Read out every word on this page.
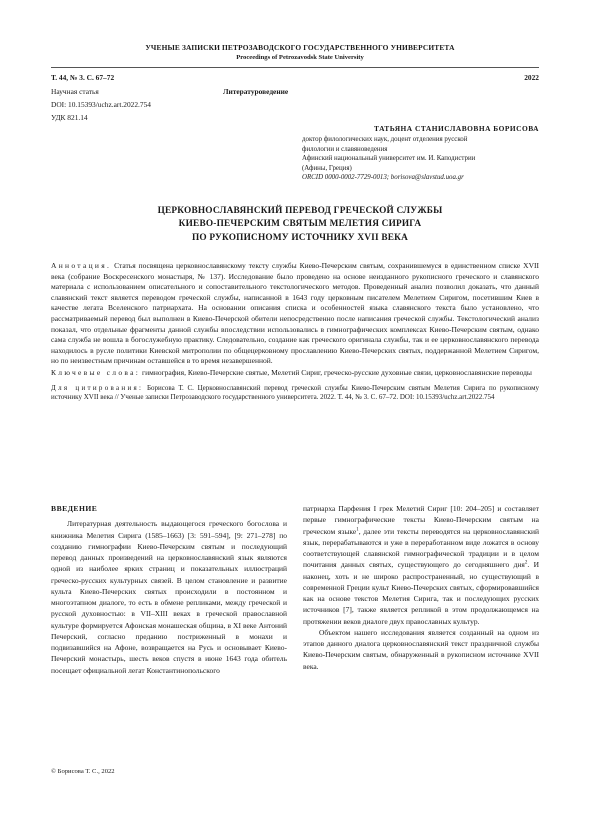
УЧЕНЫЕ ЗАПИСКИ ПЕТРОЗАВОДСКОГО ГОСУДАРСТВЕННОГО УНИВЕРСИТЕТА
Proceedings of Petrozavodsk State University
Т. 44, № 3. С. 67–72	2022
Научная статья	Литературоведение
DOI: 10.15393/uchz.art.2022.754
УДК 821.14
ТАТЬЯНА СТАНИСЛАВОВНА БОРИСОВА
доктор филологических наук, доцент отделения русской
филологии и славяноведения
Афинский национальный университет им. И. Каподистрии
(Афины, Греция)
ORCID 0000-0002-7729-0013; borisova@slavstud.uoa.gr
ЦЕРКОВНОСЛАВЯНСКИЙ ПЕРЕВОД ГРЕЧЕСКОЙ СЛУЖБЫ
КИЕВО-ПЕЧЕРСКИМ СВЯТЫМ МЕЛЕТИЯ СИРИГА
ПО РУКОПИСНОМУ ИСТОЧНИКУ XVII ВЕКА
Аннотация. Статья посвящена церковнославянскому тексту службы Киево-Печерским святым, сохранившемуся в единственном списке XVII века (собрание Воскресенского монастыря, № 137). Исследование было проведено на основе неизданного рукописного греческого и славянского материала с использованием описательного и сопоставительного текстологического методов. Проведенный анализ позволил доказать, что данный славянский текст является переводом греческой службы, написанной в 1643 году церковным писателем Мелетием Сиригом, посетившим Киев в качестве легата Вселенского патриархата. На основании описания списка и особенностей языка славянского текста было установлено, что рассматриваемый перевод был выполнен в Киево-Печерской обители непосредственно после написания греческой службы. Текстологический анализ показал, что отдельные фрагменты данной службы впоследствии использовались в гимнографических комплексах Киево-Печерским святым, однако сама служба не вошла в богослужебную практику. Следовательно, создание как греческого оригинала службы, так и ее церковнославянского перевода находилось в русле политики Киевской митрополии по общецерковному прославлению Киево-Печерских святых, поддержанной Мелетием Сиригом, но по неизвестным причинам оставшейся в то время незавершенной.
Ключевые слова: гимнография, Киево-Печерские святые, Мелетий Сириг, греческо-русские духовные связи, церковнославянские переводы
Для цитирования: Борисова Т. С. Церковнославянский перевод греческой службы Киево-Печерским святым Мелетия Сирига по рукописному источнику XVII века // Ученые записки Петрозаводского государственного университета. 2022. Т. 44, № 3. С. 67–72. DOI: 10.15393/uchz.art.2022.754
ВВЕДЕНИЕ

Литературная деятельность выдающегося греческого богослова и книжника Мелетия Сирига (1585–1663) [3: 591–594], [9: 271–278] по созданию гимнографии Киево-Печерским святым и последующий перевод данных произведений на церковнославянский язык являются одной из наиболее ярких страниц и показательных иллюстраций греческо-русских культурных связей. В целом становление и развитие культа Киево-Печерских святых происходили в постоянном и многоэтапном диалоге, то есть в обмене репликами, между греческой и русской духовностью: в VII–XIII веках в греческой православной культуре формируется Афонская монашеская община, в XI веке Антоний Печерский, согласно преданию постриженный в монахи и подвизавшийся на Афоне, возвращается на Русь и основывает Киево-Печерский монастырь, шесть веков спустя в июне 1643 года обитель посещает официальной легат Константинопольского

патриарха Парфения I грек Мелетий Сириг [10: 204–205] и составляет первые гимнографические тексты Киево-Печерским святым на греческом языке$^1$, далее эти тексты переводятся на церковнославянский язык, перерабатываются и уже в переработанном виде ложатся в основу соответствующей славянской гимнографической традиции и в целом почитания данных святых, существующего до сегодняшнего дня$^2$. И наконец, хоть и не широко распространенный, но существующий в современной Греции культ Киево-Печерских святых, сформировавшийся как на основе текстов Мелетия Сирига, так и последующих русских источников [7], также является репликой в этом продолжающемся на протяжении веков диалоге двух православных культур.

Объектом нашего исследования является созданный на одном из этапов данного диалога церковнославянский текст праздничной службы Киево-Печерским святым, обнаруженный в рукописном источнике XVII века.

© Борисова Т. С., 2022
